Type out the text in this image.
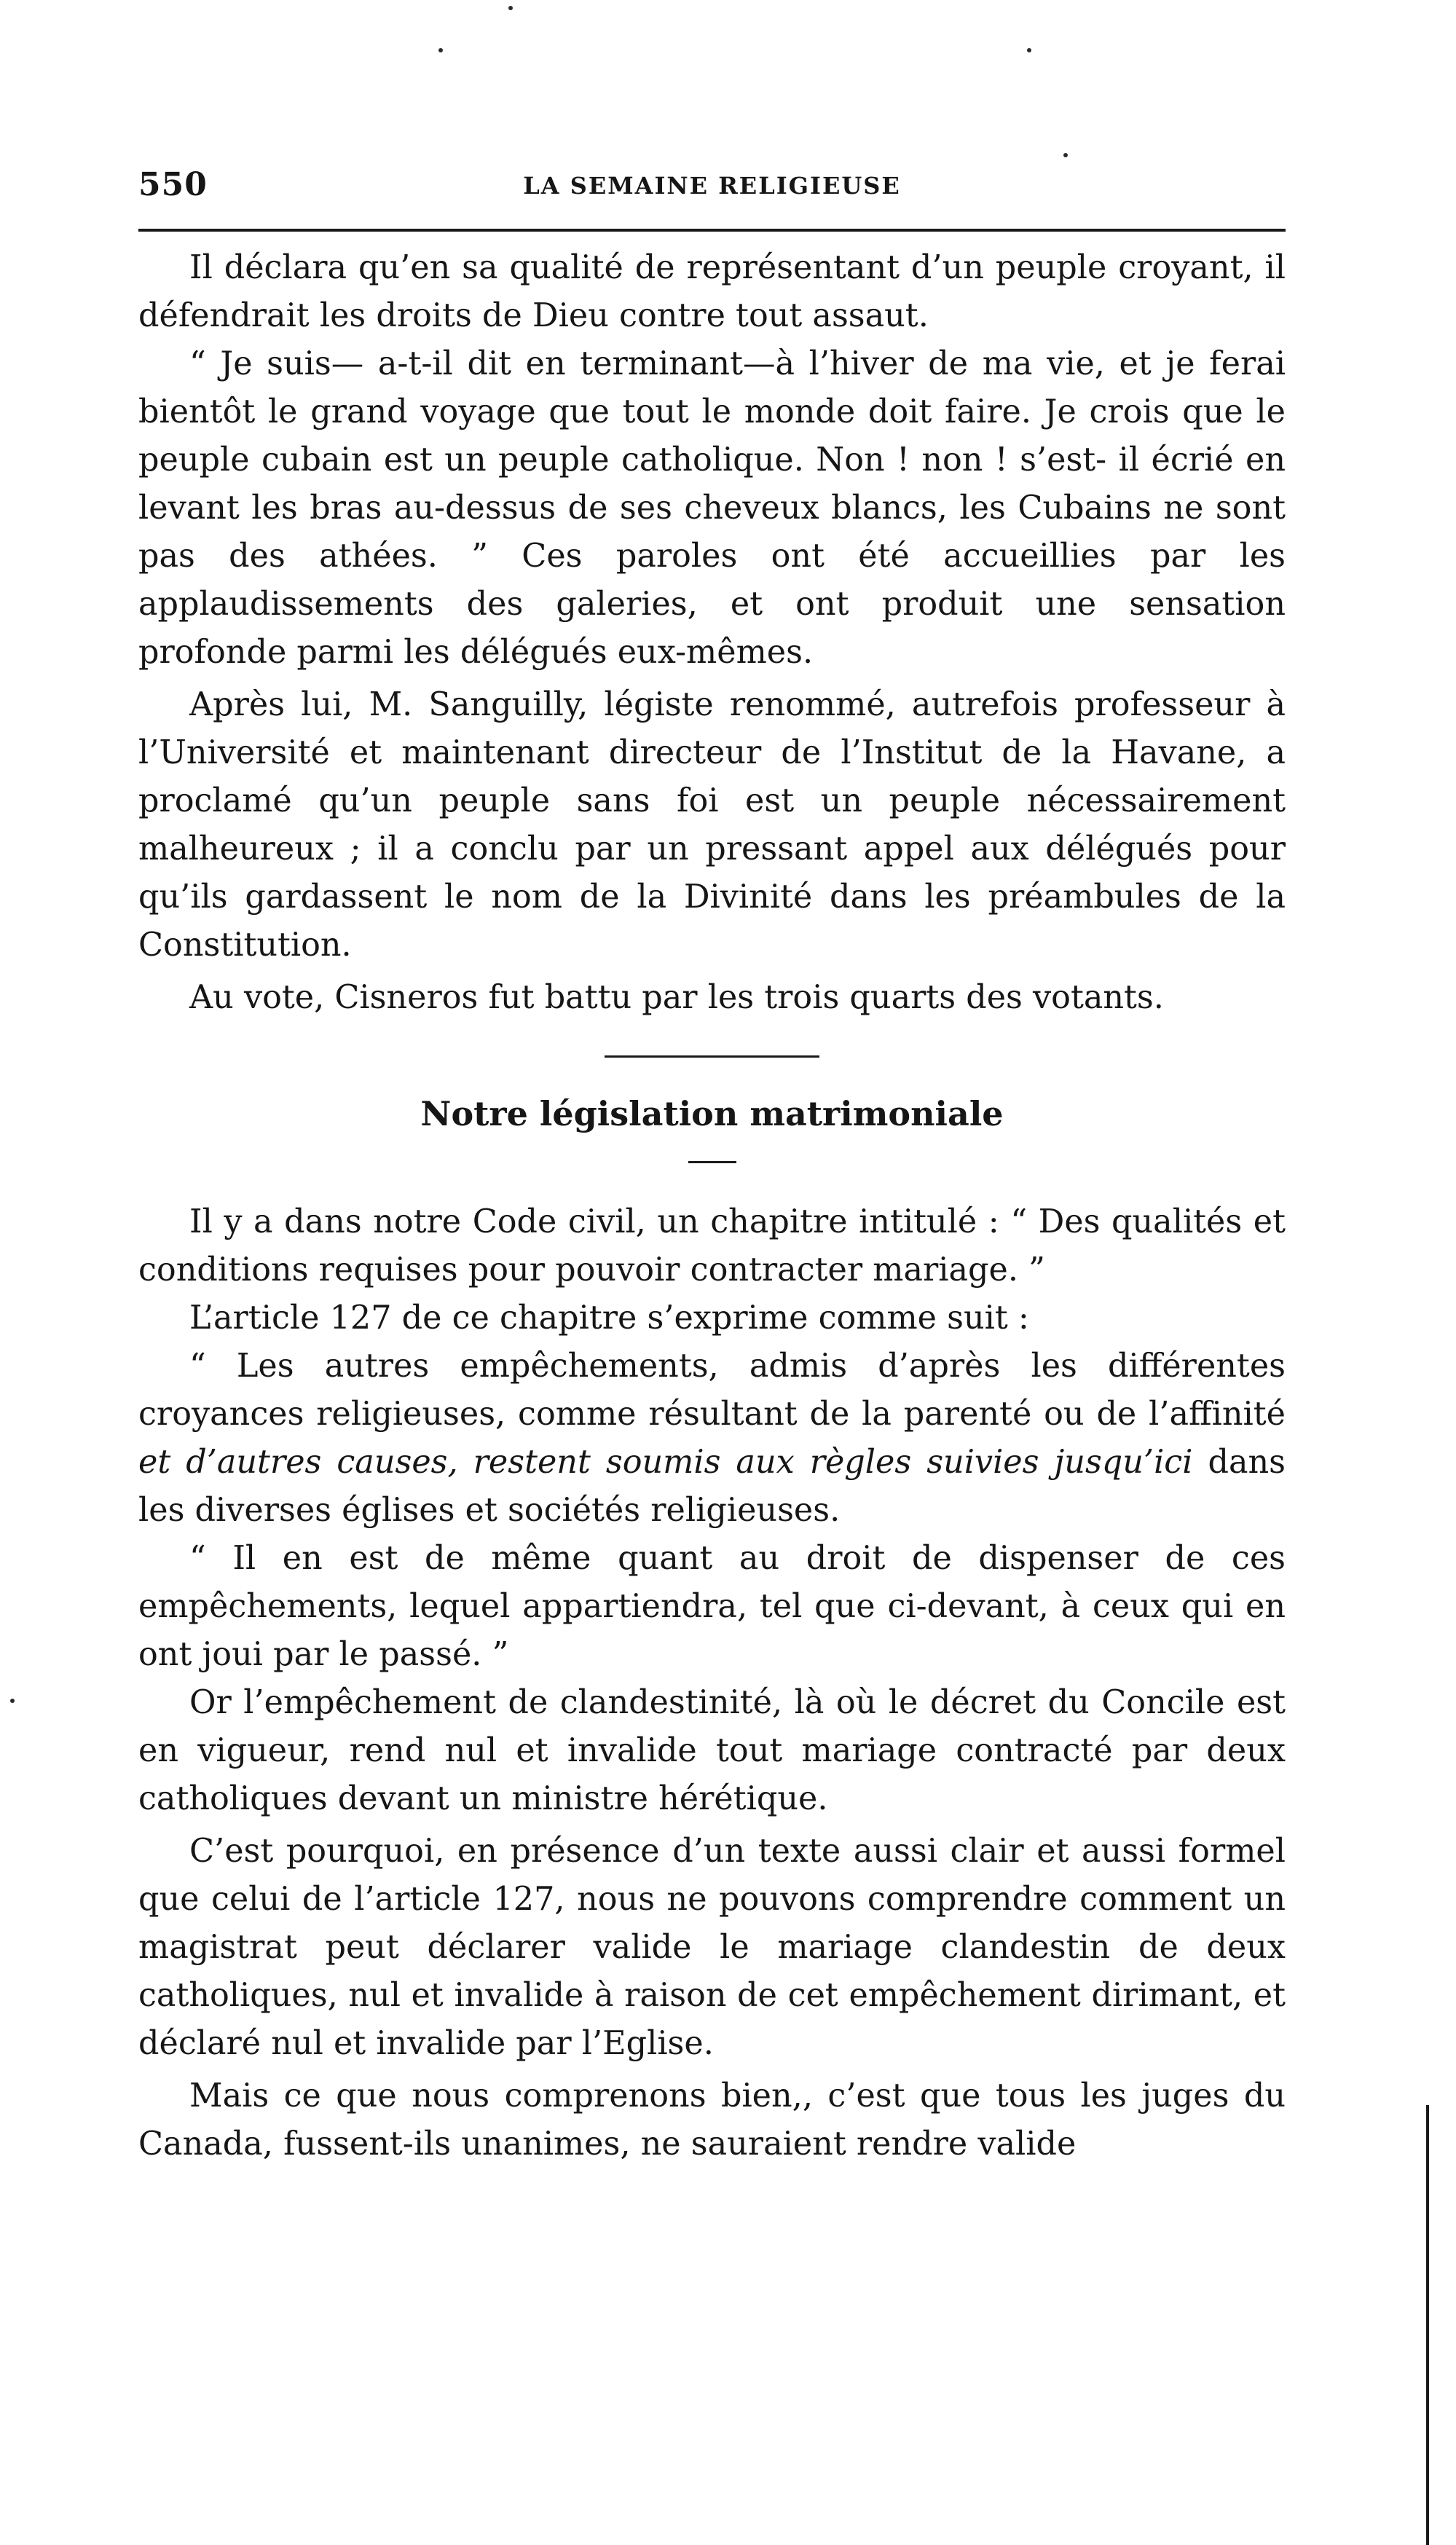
550	LA SEMAINE RELIGIEUSE

Il déclara qu’en sa qualité de représentant d’un peuple croyant, il défendrait les droits de Dieu contre tout assaut.

“ Je suis— a-t-il dit en terminant—à l’hiver de ma vie, et je ferai bientôt le grand voyage que tout le monde doit faire. Je crois que le peuple cubain est un peuple catholique. Non ! non ! s’est- il écrié en levant les bras au-dessus de ses cheveux blancs, les Cubains ne sont pas des athées. ” Ces paroles ont été accueillies par les applaudissements des galeries, et ont produit une sensation profonde parmi les délégués eux-mêmes.

Après lui, M. Sanguilly, légiste renommé, autrefois professeur à l’Université et maintenant directeur de l’Institut de la Havane, a proclamé qu’un peuple sans foi est un peuple nécessairement malheureux ; il a conclu par un pressant appel aux délégués pour qu’ils gardassent le nom de la Divinité dans les préambules de la Constitution.

Au vote, Cisneros fut battu par les trois quarts des votants.

Notre législation matrimoniale

Il y a dans notre Code civil, un chapitre intitulé : “ Des qualités et conditions requises pour pouvoir contracter mariage. ”

L’article 127 de ce chapitre s’exprime comme suit :

“ Les autres empêchements, admis d’après les différentes croyances religieuses, comme résultant de la parenté ou de l’affinité et d’autres causes, restent soumis aux règles suivies jusqu’ici dans les diverses églises et sociétés religieuses.

“ Il en est de même quant au droit de dispenser de ces empêchements, lequel appartiendra, tel que ci-devant, à ceux qui en ont joui par le passé. ”

Or l’empêchement de clandestinité, là où le décret du Concile est en vigueur, rend nul et invalide tout mariage contracté par deux catholiques devant un ministre hérétique.

C’est pourquoi, en présence d’un texte aussi clair et aussi formel que celui de l’article 127, nous ne pouvons comprendre comment un magistrat peut déclarer valide le mariage clandestin de deux catholiques, nul et invalide à raison de cet empêchement dirimant, et déclaré nul et invalide par l’Eglise.

Mais ce que nous comprenons bien,, c’est que tous les juges du Canada, fussent-ils unanimes, ne sauraient rendre valide
